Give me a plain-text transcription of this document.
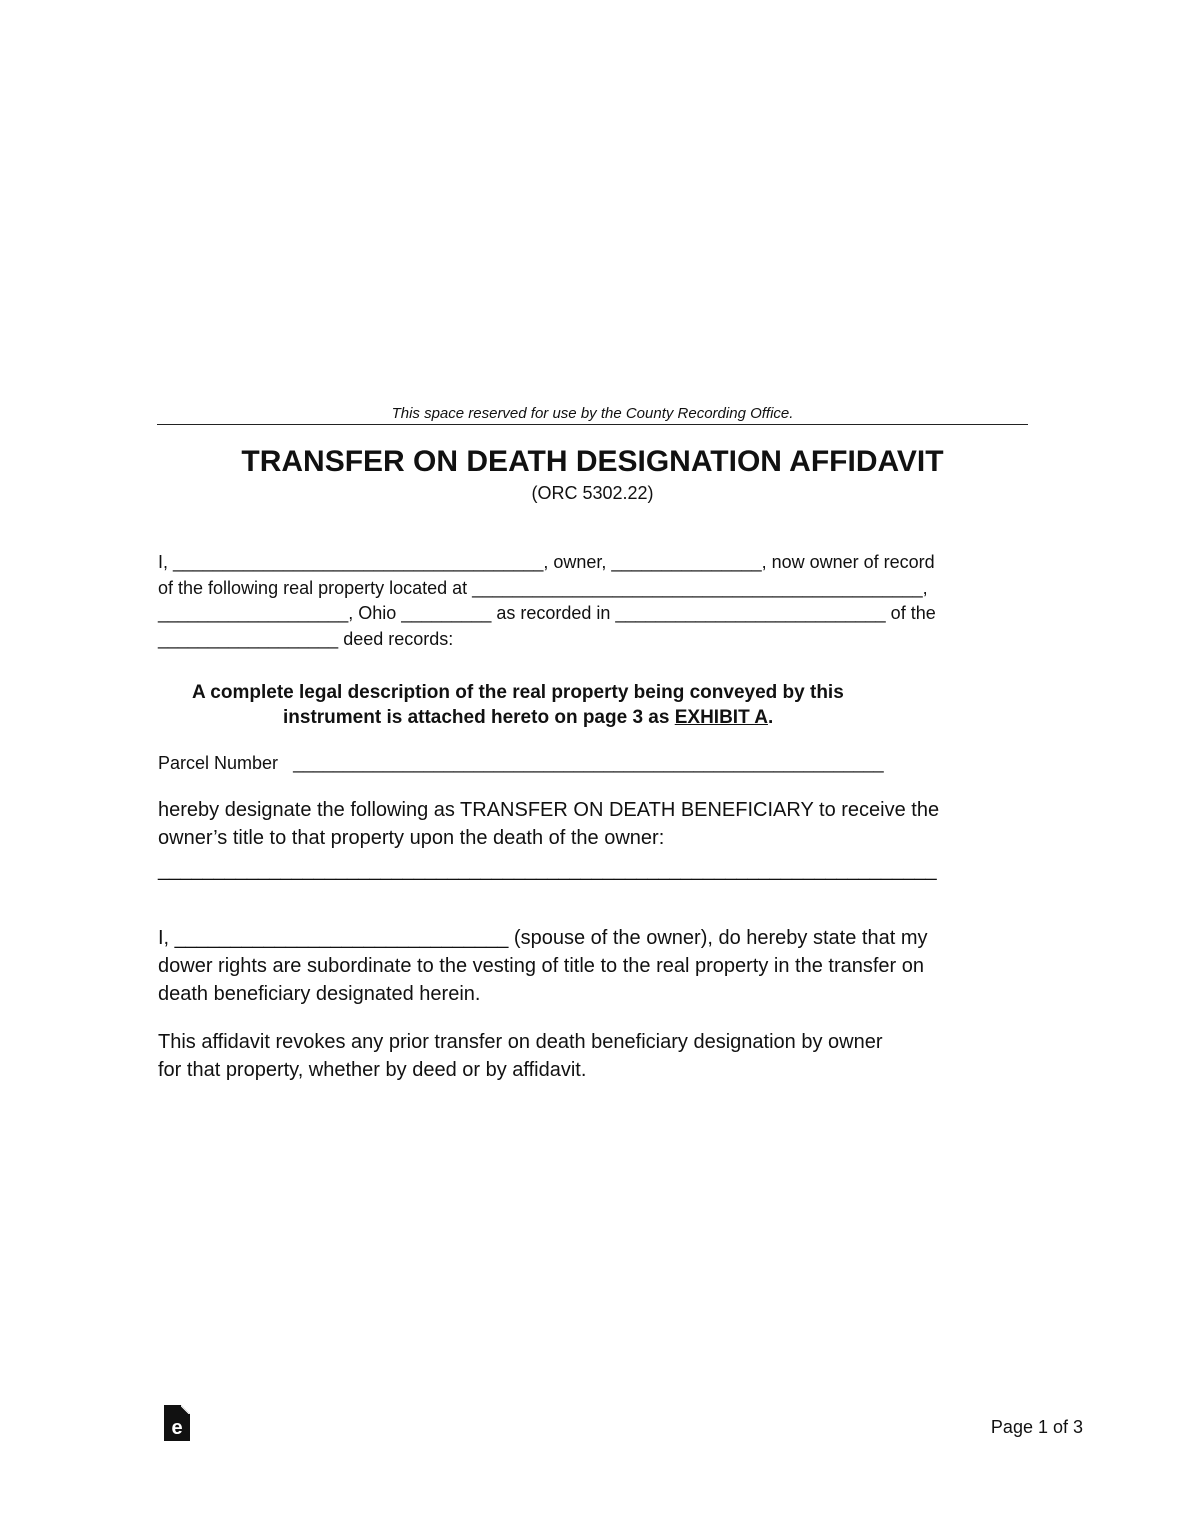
This space reserved for use by the County Recording Office.
TRANSFER ON DEATH DESIGNATION AFFIDAVIT
(ORC 5302.22)
I, _____________________________________, owner, _______________, now owner of record
of the following real property located at _____________________________________________,
___________________, Ohio _________ as recorded in ___________________________ of the
__________________ deed records:
A complete legal description of the real property being conveyed by this
instrument is attached hereto on page 3 as EXHIBIT A.
Parcel Number ___________________________________________________________
hereby designate the following as TRANSFER ON DEATH BENEFICIARY to receive the
owner’s title to that property upon the death of the owner:
______________________________________________________________________
I, ______________________________ (spouse of the owner), do hereby state that my
dower rights are subordinate to the vesting of title to the real property in the transfer on
death beneficiary designated herein.
This affidavit revokes any prior transfer on death beneficiary designation by owner
for that property, whether by deed or by affidavit.
e	Page 1 of 3
